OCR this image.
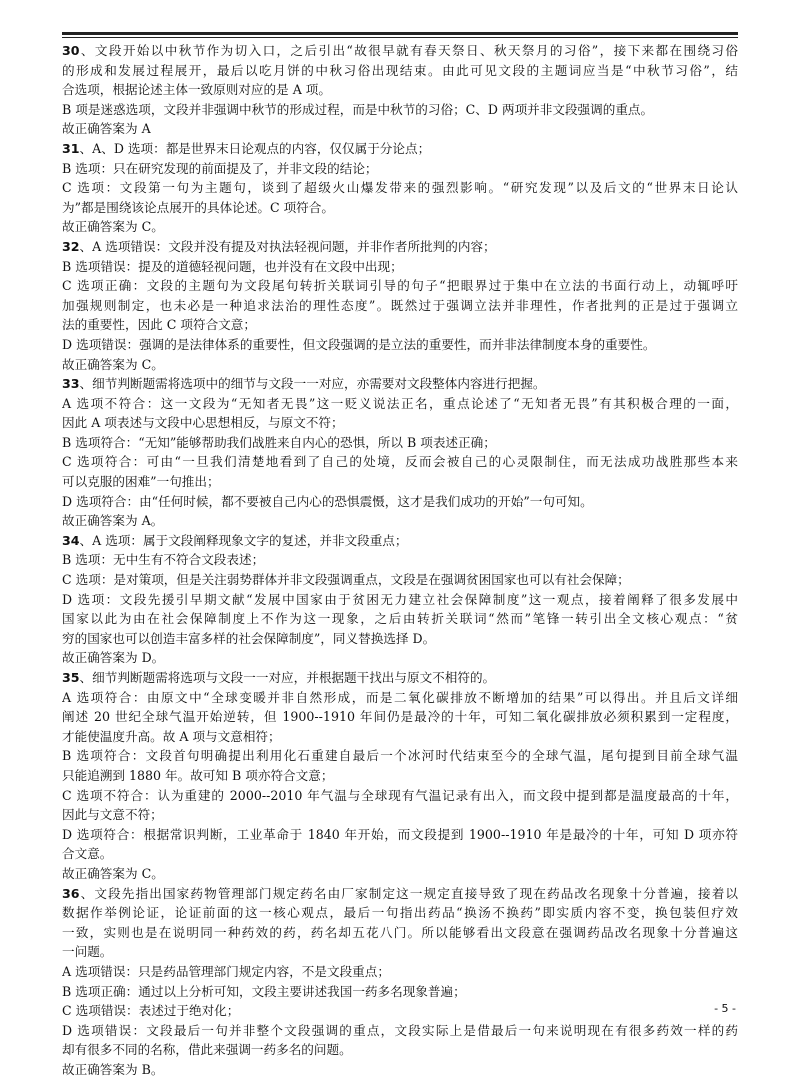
30、文段开始以中秋节作为切入口，之后引出“故很早就有春天祭日、秋天祭月的习俗”，接下来都在围绕习俗
的形成和发展过程展开，最后以吃月饼的中秋习俗出现结束。由此可见文段的主题词应当是“中秋节习俗”，结
合选项，根据论述主体一致原则对应的是 A 项。
B 项是迷惑选项，文段并非强调中秋节的形成过程，而是中秋节的习俗；C、D 两项并非文段强调的重点。
故正确答案为 A
31、A、D 选项：都是世界末日论观点的内容，仅仅属于分论点；
B 选项：只在研究发现的前面提及了，并非文段的结论；
C 选项：文段第一句为主题句，谈到了超级火山爆发带来的强烈影响。“研究发现”以及后文的“世界末日论认
为”都是围绕该论点展开的具体论述。C 项符合。
故正确答案为 C。
32、A 选项错误：文段并没有提及对执法轻视问题，并非作者所批判的内容；
B 选项错误：提及的道德轻视问题，也并没有在文段中出现；
C 选项正确：文段的主题句为文段尾句转折关联词引导的句子“把眼界过于集中在立法的书面行动上，动辄呼吁
加强规则制定，也未必是一种追求法治的理性态度”。既然过于强调立法并非理性，作者批判的正是过于强调立
法的重要性，因此 C 项符合文意；
D 选项错误：强调的是法律体系的重要性，但文段强调的是立法的重要性，而并非法律制度本身的重要性。
故正确答案为 C。
33、细节判断题需将选项中的细节与文段一一对应，亦需要对文段整体内容进行把握。
A 选项不符合：这一文段为“无知者无畏”这一贬义说法正名，重点论述了“无知者无畏”有其积极合理的一面，
因此 A 项表述与文段中心思想相反，与原文不符；
B 选项符合：“无知”能够帮助我们战胜来自内心的恐惧，所以 B 项表述正确；
C 选项符合：可由“一旦我们清楚地看到了自己的处境，反而会被自己的心灵限制住，而无法成功战胜那些本来
可以克服的困难”一句推出；
D 选项符合：由“任何时候，都不要被自己内心的恐惧震慑，这才是我们成功的开始”一句可知。
故正确答案为 A。
34、A 选项：属于文段阐释现象文字的复述，并非文段重点；
B 选项：无中生有不符合文段表述；
C 选项：是对策项，但是关注弱势群体并非文段强调重点，文段是在强调贫困国家也可以有社会保障；
D 选项：文段先援引早期文献“发展中国家由于贫困无力建立社会保障制度”这一观点，接着阐释了很多发展中
国家以此为由在社会保障制度上不作为这一现象，之后由转折关联词“然而”笔锋一转引出全文核心观点：“贫
穷的国家也可以创造丰富多样的社会保障制度”，同义替换选择 D。
故正确答案为 D。
35、细节判断题需将选项与文段一一对应，并根据题干找出与原文不相符的。
A 选项符合：由原文中“全球变暖并非自然形成，而是二氧化碳排放不断增加的结果”可以得出。并且后文详细
阐述 20 世纪全球气温开始逆转，但 1900--1910 年间仍是最冷的十年，可知二氧化碳排放必须积累到一定程度，
才能使温度升高。故 A 项与文意相符；
B 选项符合：文段首句明确提出利用化石重建自最后一个冰河时代结束至今的全球气温，尾句提到目前全球气温
只能追溯到 1880 年。故可知 B 项亦符合文意；
C 选项不符合：认为重建的 2000--2010 年气温与全球现有气温记录有出入，而文段中提到都是温度最高的十年，
因此与文意不符；
D 选项符合：根据常识判断，工业革命于 1840 年开始，而文段提到 1900--1910 年是最冷的十年，可知 D 项亦符
合文意。
故正确答案为 C。
36、文段先指出国家药物管理部门规定药名由厂家制定这一规定直接导致了现在药品改名现象十分普遍，接着以
数据作举例论证，论证前面的这一核心观点，最后一句指出药品“换汤不换药”即实质内容不变，换包装但疗效
一致，实则也是在说明同一种药效的药，药名却五花八门。所以能够看出文段意在强调药品改名现象十分普遍这
一问题。
A 选项错误：只是药品管理部门规定内容，不是文段重点；
B 选项正确：通过以上分析可知，文段主要讲述我国一药多名现象普遍；
C 选项错误：表述过于绝对化；
D 选项错误：文段最后一句并非整个文段强调的重点，文段实际上是借最后一句来说明现在有很多药效一样的药
却有很多不同的名称，借此来强调一药多名的问题。
故正确答案为 B。
- 5 -
